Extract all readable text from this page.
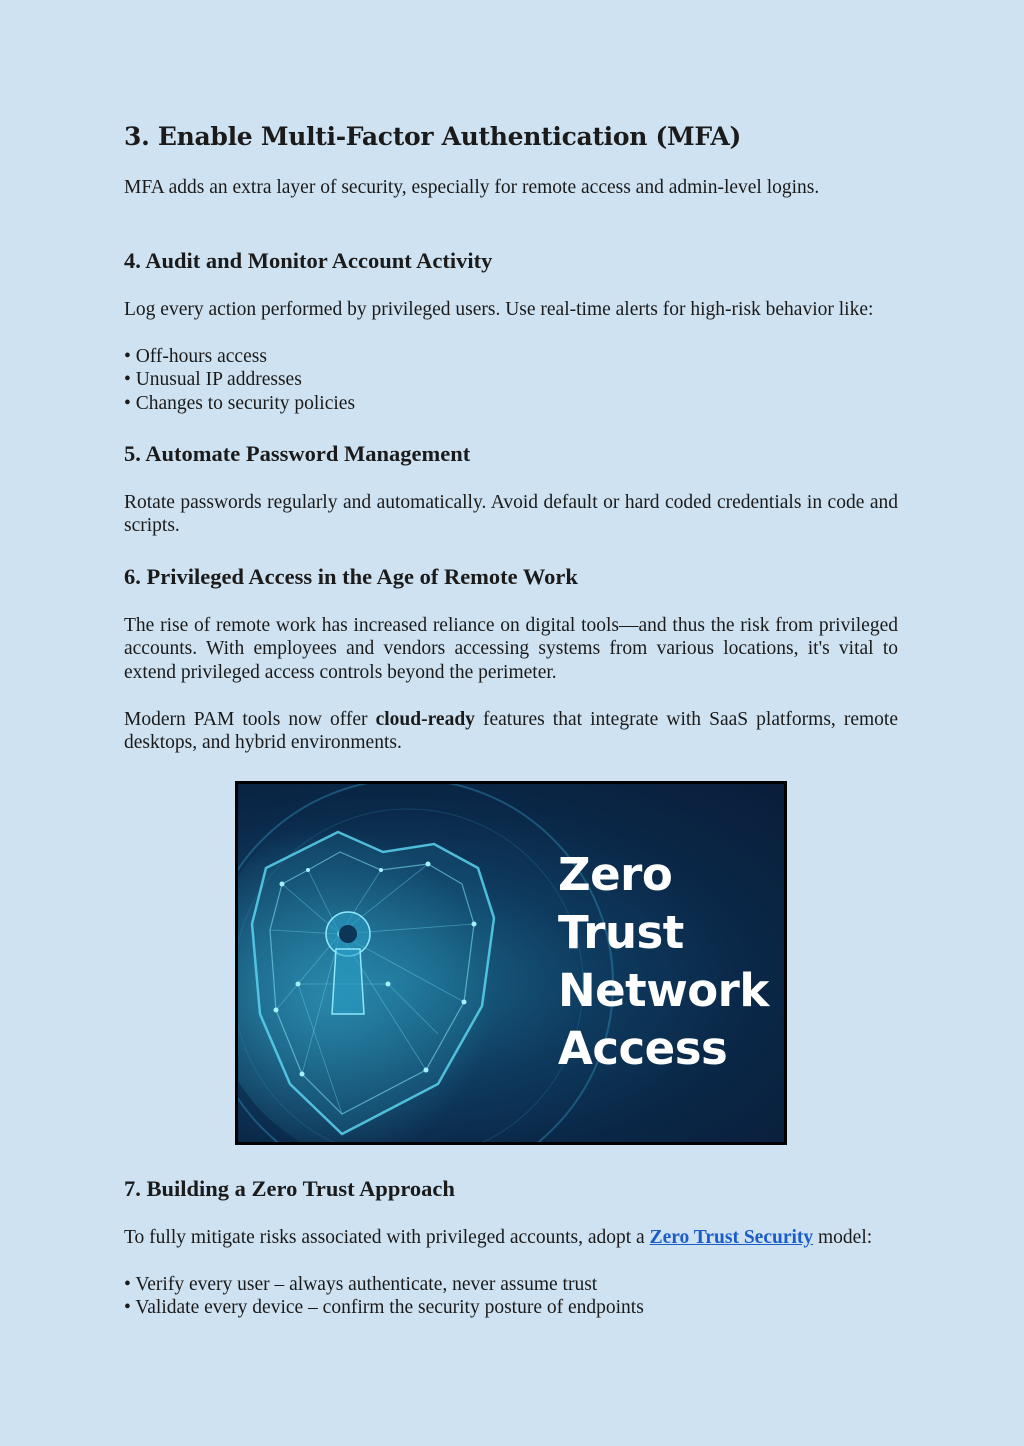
3. Enable Multi-Factor Authentication (MFA)

MFA adds an extra layer of security, especially for remote access and admin-level logins.

4. Audit and Monitor Account Activity

Log every action performed by privileged users. Use real-time alerts for high-risk behavior like:

• Off-hours access
• Unusual IP addresses
• Changes to security policies
5. Automate Password Management

Rotate passwords regularly and automatically. Avoid default or hard coded credentials in code and scripts.

6. Privileged Access in the Age of Remote Work

The rise of remote work has increased reliance on digital tools—and thus the risk from privileged accounts. With employees and vendors accessing systems from various locations, it's vital to extend privileged access controls beyond the perimeter.

Modern PAM tools now offer cloud-ready features that integrate with SaaS platforms, remote desktops, and hybrid environments.

Zero
Trust
Network
Access
7. Building a Zero Trust Approach

To fully mitigate risks associated with privileged accounts, adopt a Zero Trust Security model:

• Verify every user – always authenticate, never assume trust
• Validate every device – confirm the security posture of endpoints
